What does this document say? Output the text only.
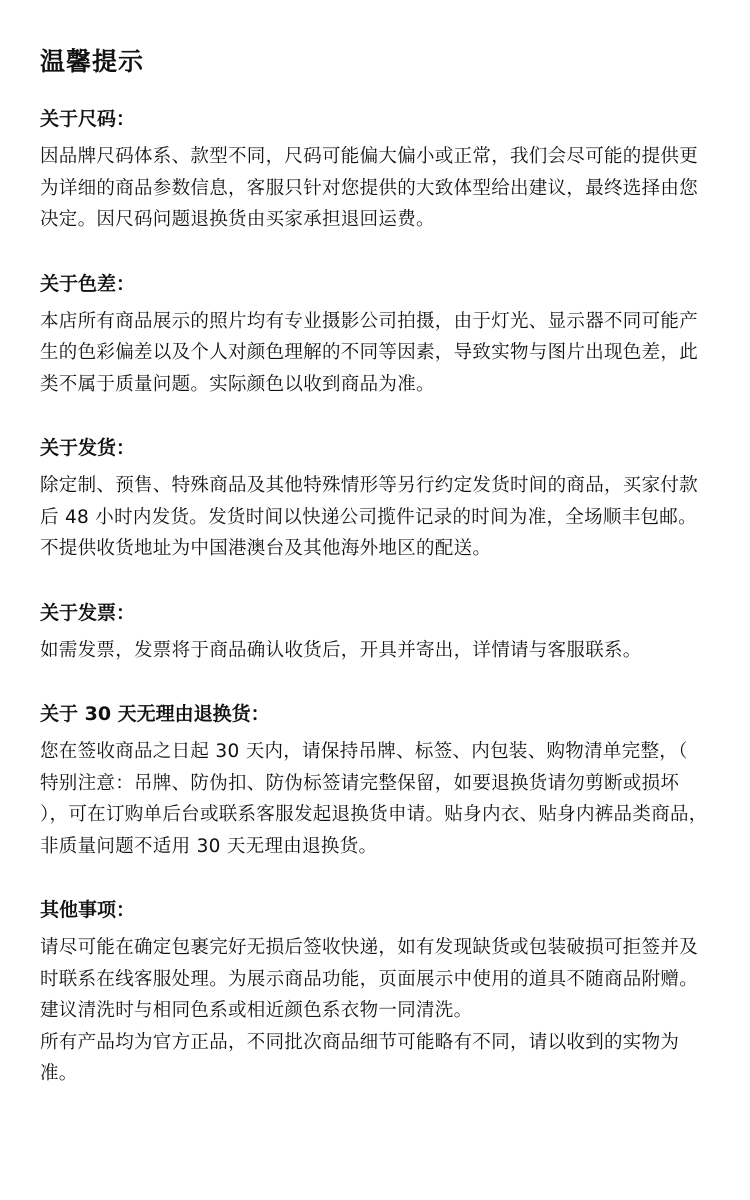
温馨提示
关于尺码：

因品牌尺码体系、款型不同，尺码可能偏大偏小或正常，我们会尽可能的提供更为详细的商品参数信息，客服只针对您提供的大致体型给出建议，最终选择由您决定。因尺码问题退换货由买家承担退回运费。

关于色差：

本店所有商品展示的照片均有专业摄影公司拍摄，由于灯光、显示器不同可能产生的色彩偏差以及个人对颜色理解的不同等因素，导致实物与图片出现色差，此类不属于质量问题。实际颜色以收到商品为准。

关于发货：

除定制、预售、特殊商品及其他特殊情形等另行约定发货时间的商品，买家付款后 48 小时内发货。发货时间以快递公司揽件记录的时间为准，全场顺丰包邮。不提供收货地址为中国港澳台及其他海外地区的配送。

关于发票：

如需发票，发票将于商品确认收货后，开具并寄出，详情请与客服联系。

关于 30 天无理由退换货：

您在签收商品之日起 30 天内，请保持吊牌、标签、内包装、购物清单完整，（ 特别注意：吊牌、防伪扣、防伪标签请完整保留，如要退换货请勿剪断或损坏 ），可在订购单后台或联系客服发起退换货申请。贴身内衣、贴身内裤品类商品，非质量问题不适用 30 天无理由退换货。

其他事项：

请尽可能在确定包裹完好无损后签收快递，如有发现缺货或包装破损可拒签并及时联系在线客服处理。为展示商品功能，页面展示中使用的道具不随商品附赠。建议清洗时与相同色系或相近颜色系衣物一同清洗。

所有产品均为官方正品，不同批次商品细节可能略有不同，请以收到的实物为准。
